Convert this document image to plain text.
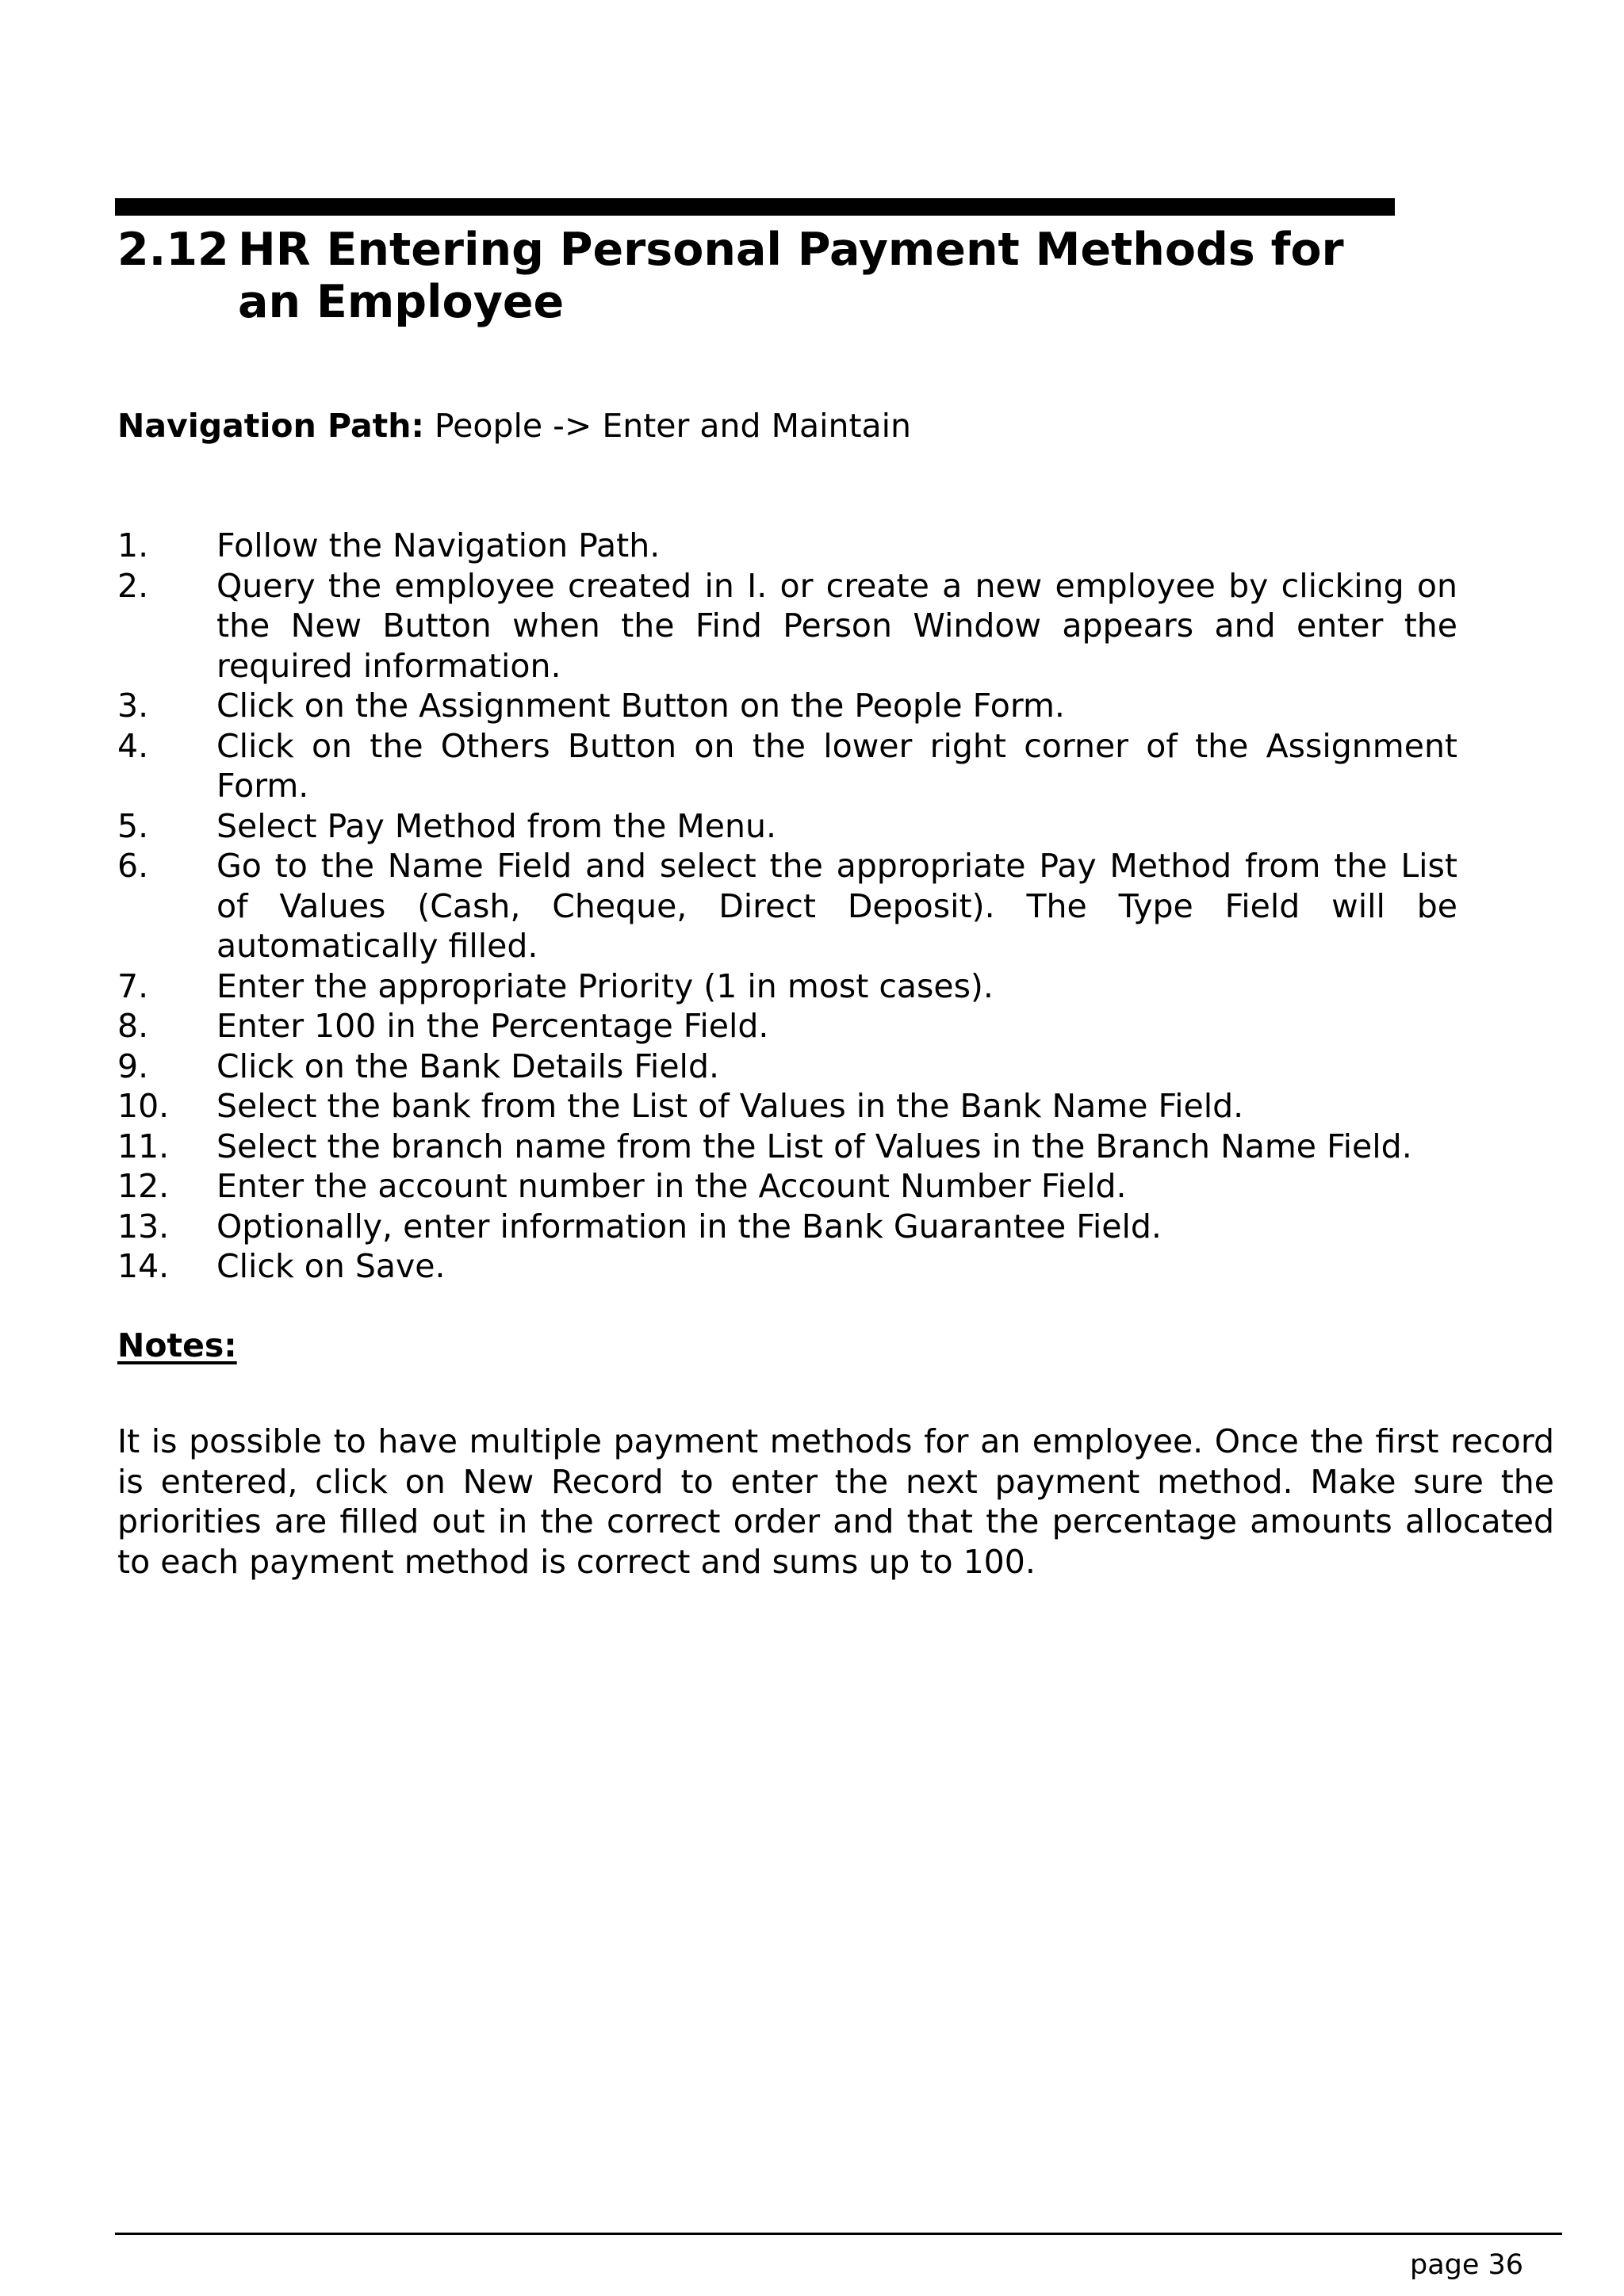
2.12 HR Entering Personal Payment Methods for an Employee
Navigation Path: People -> Enter and Maintain
1.	Follow the Navigation Path.
2.	Query the employee created in I. or create a new employee by clicking on the New Button when the Find Person Window appears and enter the required information.
3.	Click on the Assignment Button on the People Form.
4.	Click on the Others Button on the lower right corner of the Assignment Form.
5.	Select Pay Method from the Menu.
6.	Go to the Name Field and select the appropriate Pay Method from the List of Values (Cash, Cheque, Direct Deposit). The Type Field will be automatically filled.
7.	Enter the appropriate Priority (1 in most cases).
8.	Enter 100 in the Percentage Field.
9.	Click on the Bank Details Field.
10.	Select the bank from the List of Values in the Bank Name Field.
11.	Select the branch name from the List of Values in the Branch Name Field.
12.	Enter the account number in the Account Number Field.
13.	Optionally, enter information in the Bank Guarantee Field.
14.	Click on Save.
Notes:

It is possible to have multiple payment methods for an employee. Once the first record is entered, click on New Record to enter the next payment method. Make sure the priorities are filled out in the correct order and that the percentage amounts allocated to each payment method is correct and sums up to 100.

page 36
